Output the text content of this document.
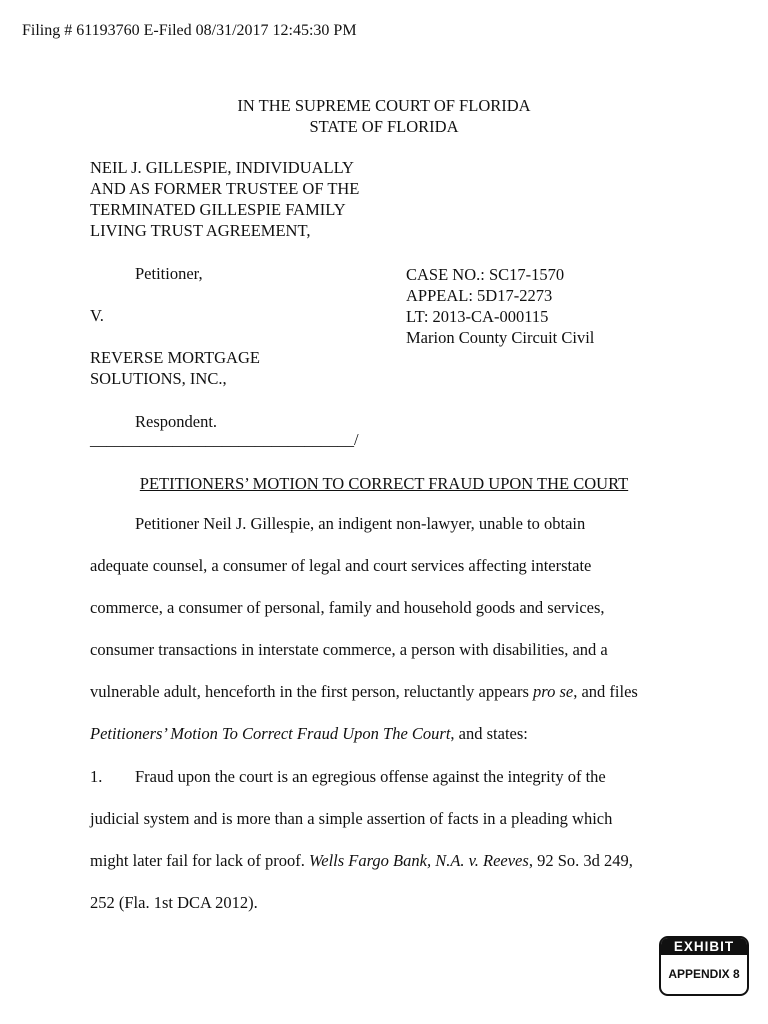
Filing # 61193760 E-Filed 08/31/2017 12:45:30 PM
IN THE SUPREME COURT OF FLORIDA
STATE OF FLORIDA
NEIL J. GILLESPIE, INDIVIDUALLY
AND AS FORMER TRUSTEE OF THE
TERMINATED GILLESPIE FAMILY
LIVING TRUST AGREEMENT,
Petitioner,
V.
CASE NO.: SC17-1570
APPEAL: 5D17-2273
LT: 2013-CA-000115
Marion County Circuit Civil
REVERSE MORTGAGE
SOLUTIONS, INC.,
Respondent.
________________________________/
PETITIONERS’ MOTION TO CORRECT FRAUD UPON THE COURT
Petitioner Neil J. Gillespie, an indigent non-lawyer, unable to obtain
adequate counsel, a consumer of legal and court services affecting interstate
commerce, a consumer of personal, family and household goods and services,
consumer transactions in interstate commerce, a person with disabilities, and a
vulnerable adult, henceforth in the first person, reluctantly appears pro se, and files
Petitioners’ Motion To Correct Fraud Upon The Court, and states:
1. Fraud upon the court is an egregious offense against the integrity of the
judicial system and is more than a simple assertion of facts in a pleading which
might later fail for lack of proof. Wells Fargo Bank, N.A. v. Reeves, 92 So. 3d 249,
252 (Fla. 1st DCA 2012).
EXHIBIT
APPENDIX 8
